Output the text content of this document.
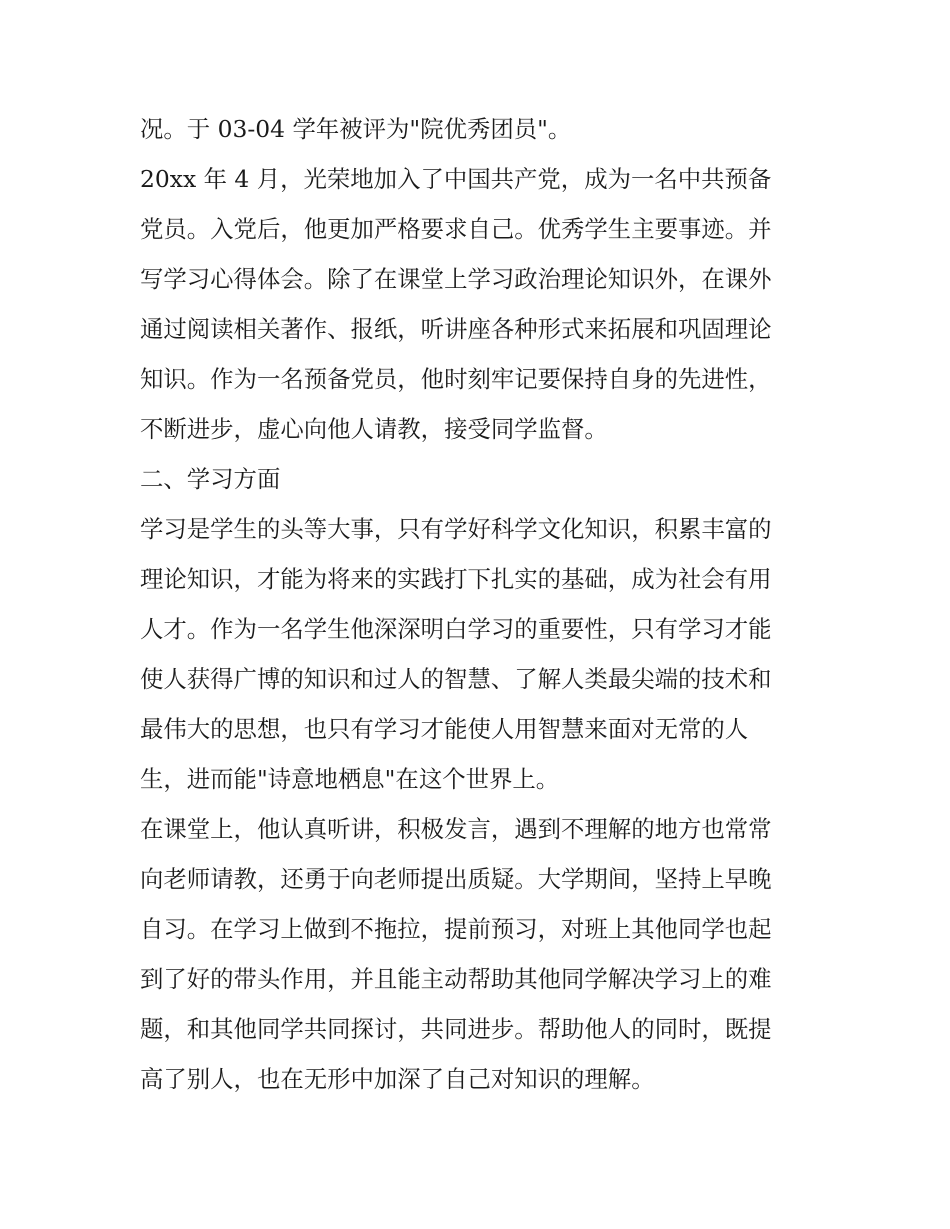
况。于 03-04 学年被评为"院优秀团员"。
20xx 年 4 月，光荣地加入了中国共产党，成为一名中共预备
党员。入党后，他更加严格要求自己。优秀学生主要事迹。并
写学习心得体会。除了在课堂上学习政治理论知识外，在课外
通过阅读相关著作、报纸，听讲座各种形式来拓展和巩固理论
知识。作为一名预备党员，他时刻牢记要保持自身的先进性，
不断进步，虚心向他人请教，接受同学监督。
二、学习方面
学习是学生的头等大事，只有学好科学文化知识，积累丰富的
理论知识，才能为将来的实践打下扎实的基础，成为社会有用
人才。作为一名学生他深深明白学习的重要性，只有学习才能
使人获得广博的知识和过人的智慧、了解人类最尖端的技术和
最伟大的思想，也只有学习才能使人用智慧来面对无常的人
生，进而能"诗意地栖息"在这个世界上。
在课堂上，他认真听讲，积极发言，遇到不理解的地方也常常
向老师请教，还勇于向老师提出质疑。大学期间，坚持上早晚
自习。在学习上做到不拖拉，提前预习，对班上其他同学也起
到了好的带头作用，并且能主动帮助其他同学解决学习上的难
题，和其他同学共同探讨，共同进步。帮助他人的同时，既提
高了别人，也在无形中加深了自己对知识的理解。
